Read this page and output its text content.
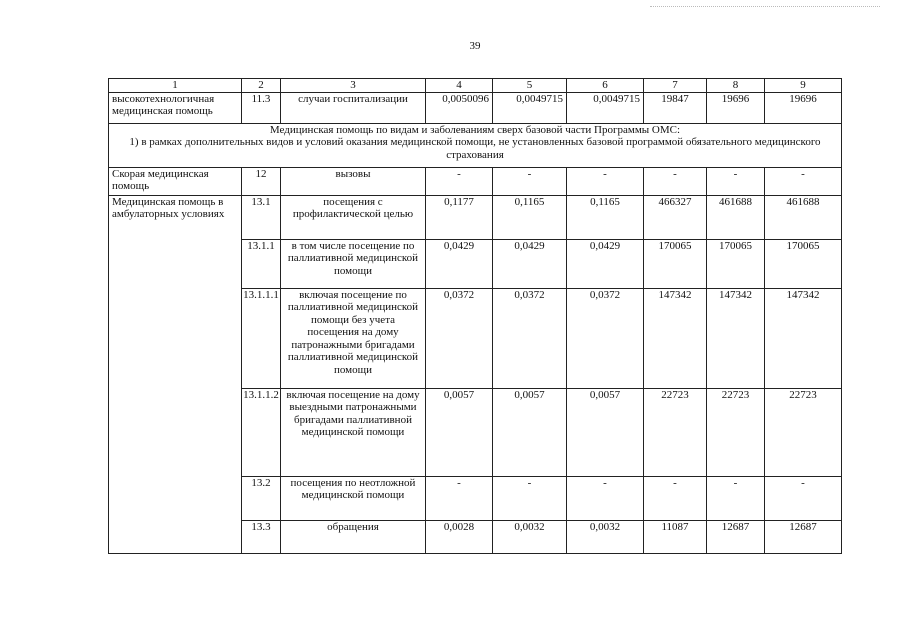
39
1	2	3	4	5	6	7	8	9
высокотехнологичная медицинская помощь	11.3	случаи госпитализации	0,0050096	0,0049715	0,0049715	19847	19696	19696

Медицинская помощь по видам и заболеваниям сверх базовой части Программы ОМС:
1) в рамках дополнительных видов и условий оказания медицинской помощи, не установленных базовой программой обязательного медицинского страхования								

Скорая медицинская помощь	12	вызовы	-	-	-	-	-	-
Медицинская помощь в амбулаторных условиях	13.1	посещения с профилактической целью	0,1177	0,1165	0,1165	466327	461688	461688
	13.1.1	в том числе посещение по паллиативной медицинской помощи	0,0429	0,0429	0,0429	170065	170065	170065
	13.1.1.1	включая посещение по паллиативной медицинской помощи без учета посещения на дому патронажными бригадами паллиативной медицинской помощи	0,0372	0,0372	0,0372	147342	147342	147342
	13.1.1.2	включая посещение на дому выездными патронажными бригадами паллиативной медицинской помощи	0,0057	0,0057	0,0057	22723	22723	22723
	13.2	посещения по неотложной медицинской помощи	-	-	-	-	-	-
	13.3	обращения	0,0028	0,0032	0,0032	11087	12687	12687
